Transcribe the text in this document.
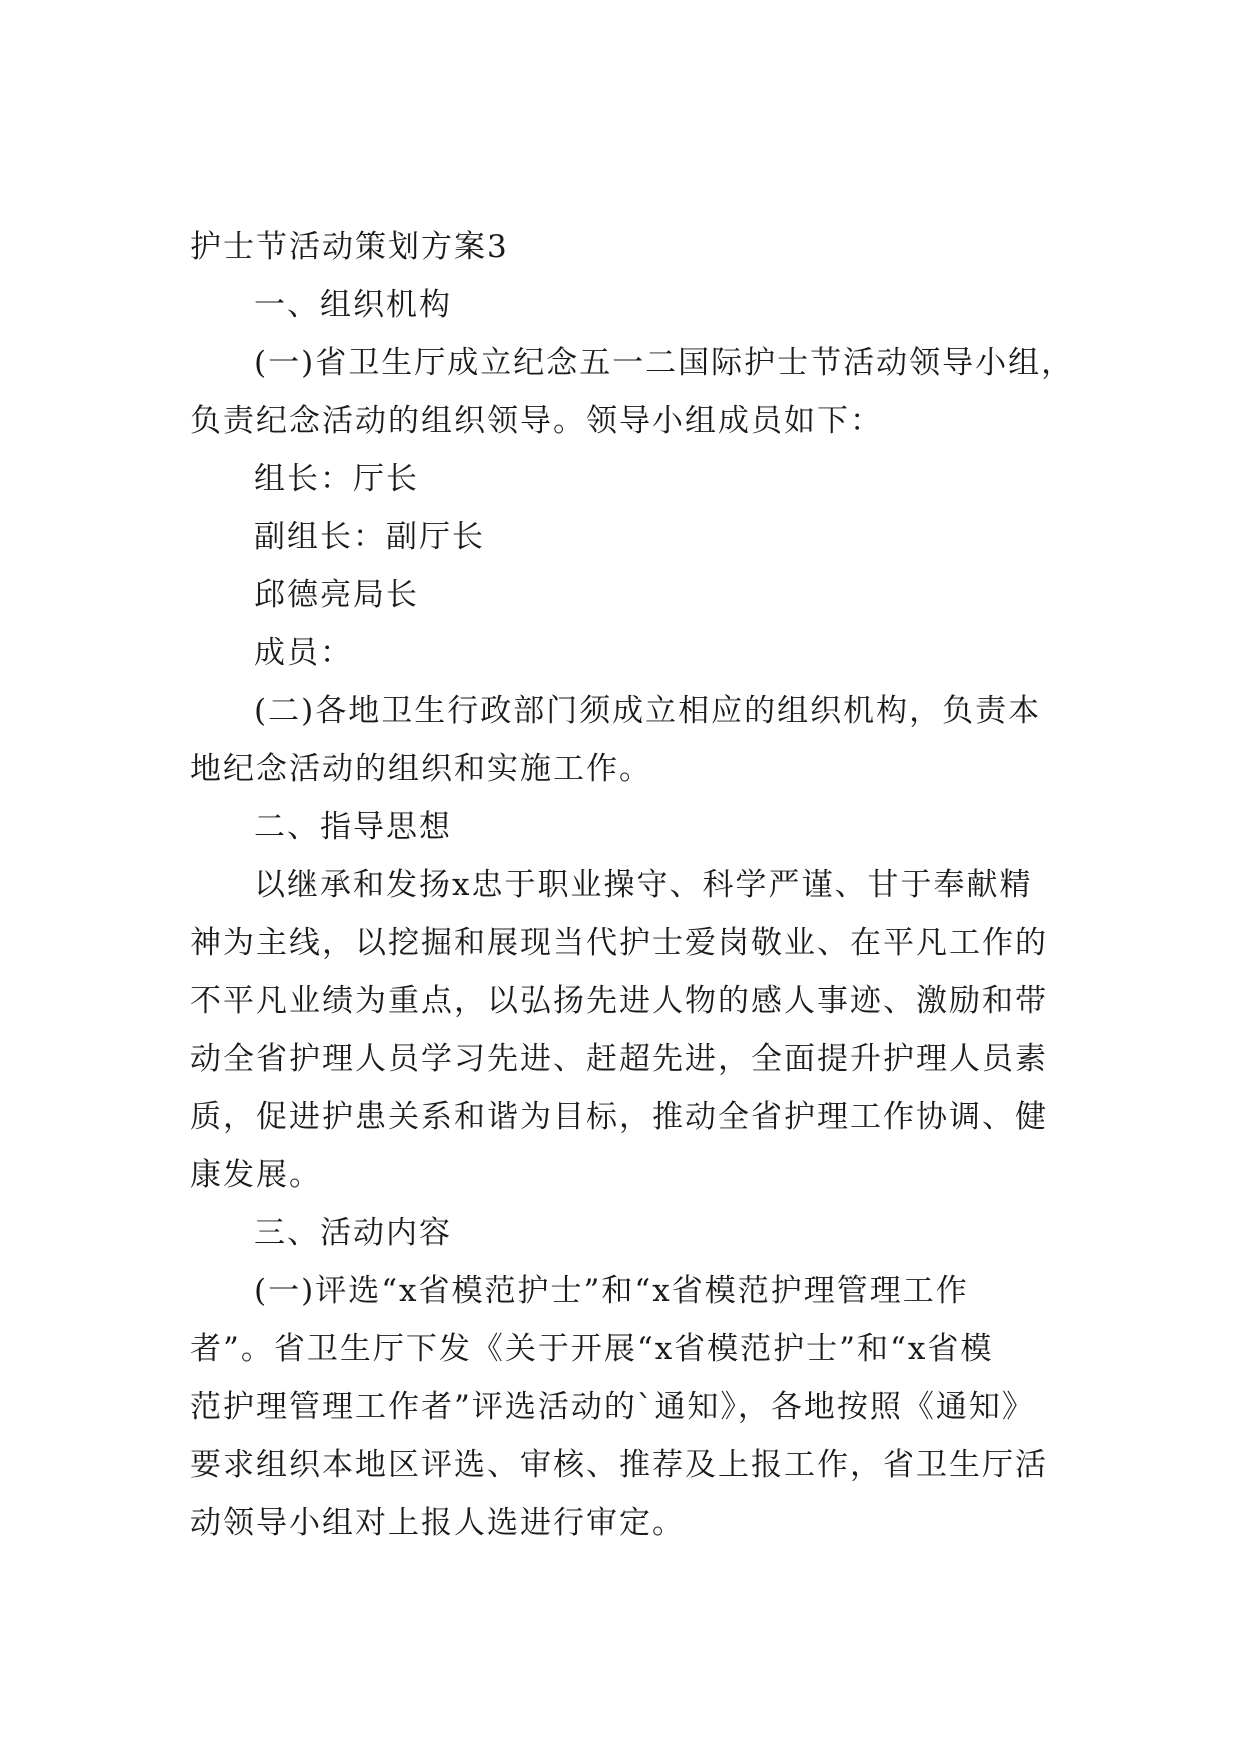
护士节活动策划方案3

一、组织机构

(一)省卫生厅成立纪念五一二国际护士节活动领导小组，

负责纪念活动的组织领导。领导小组成员如下：

组长：厅长

副组长：副厅长

邱德亮局长

成员：

(二)各地卫生行政部门须成立相应的组织机构，负责本

地纪念活动的组织和实施工作。

二、指导思想

以继承和发扬x忠于职业操守、科学严谨、甘于奉献精

神为主线，以挖掘和展现当代护士爱岗敬业、在平凡工作的

不平凡业绩为重点，以弘扬先进人物的感人事迹、激励和带

动全省护理人员学习先进、赶超先进，全面提升护理人员素

质，促进护患关系和谐为目标，推动全省护理工作协调、健

康发展。

三、活动内容

(一)评选“x省模范护士”和“x省模范护理管理工作

者”。省卫生厅下发《关于开展“x省模范护士”和“x省模

范护理管理工作者”评选活动的`通知》，各地按照《通知》

要求组织本地区评选、审核、推荐及上报工作，省卫生厅活

动领导小组对上报人选进行审定。
